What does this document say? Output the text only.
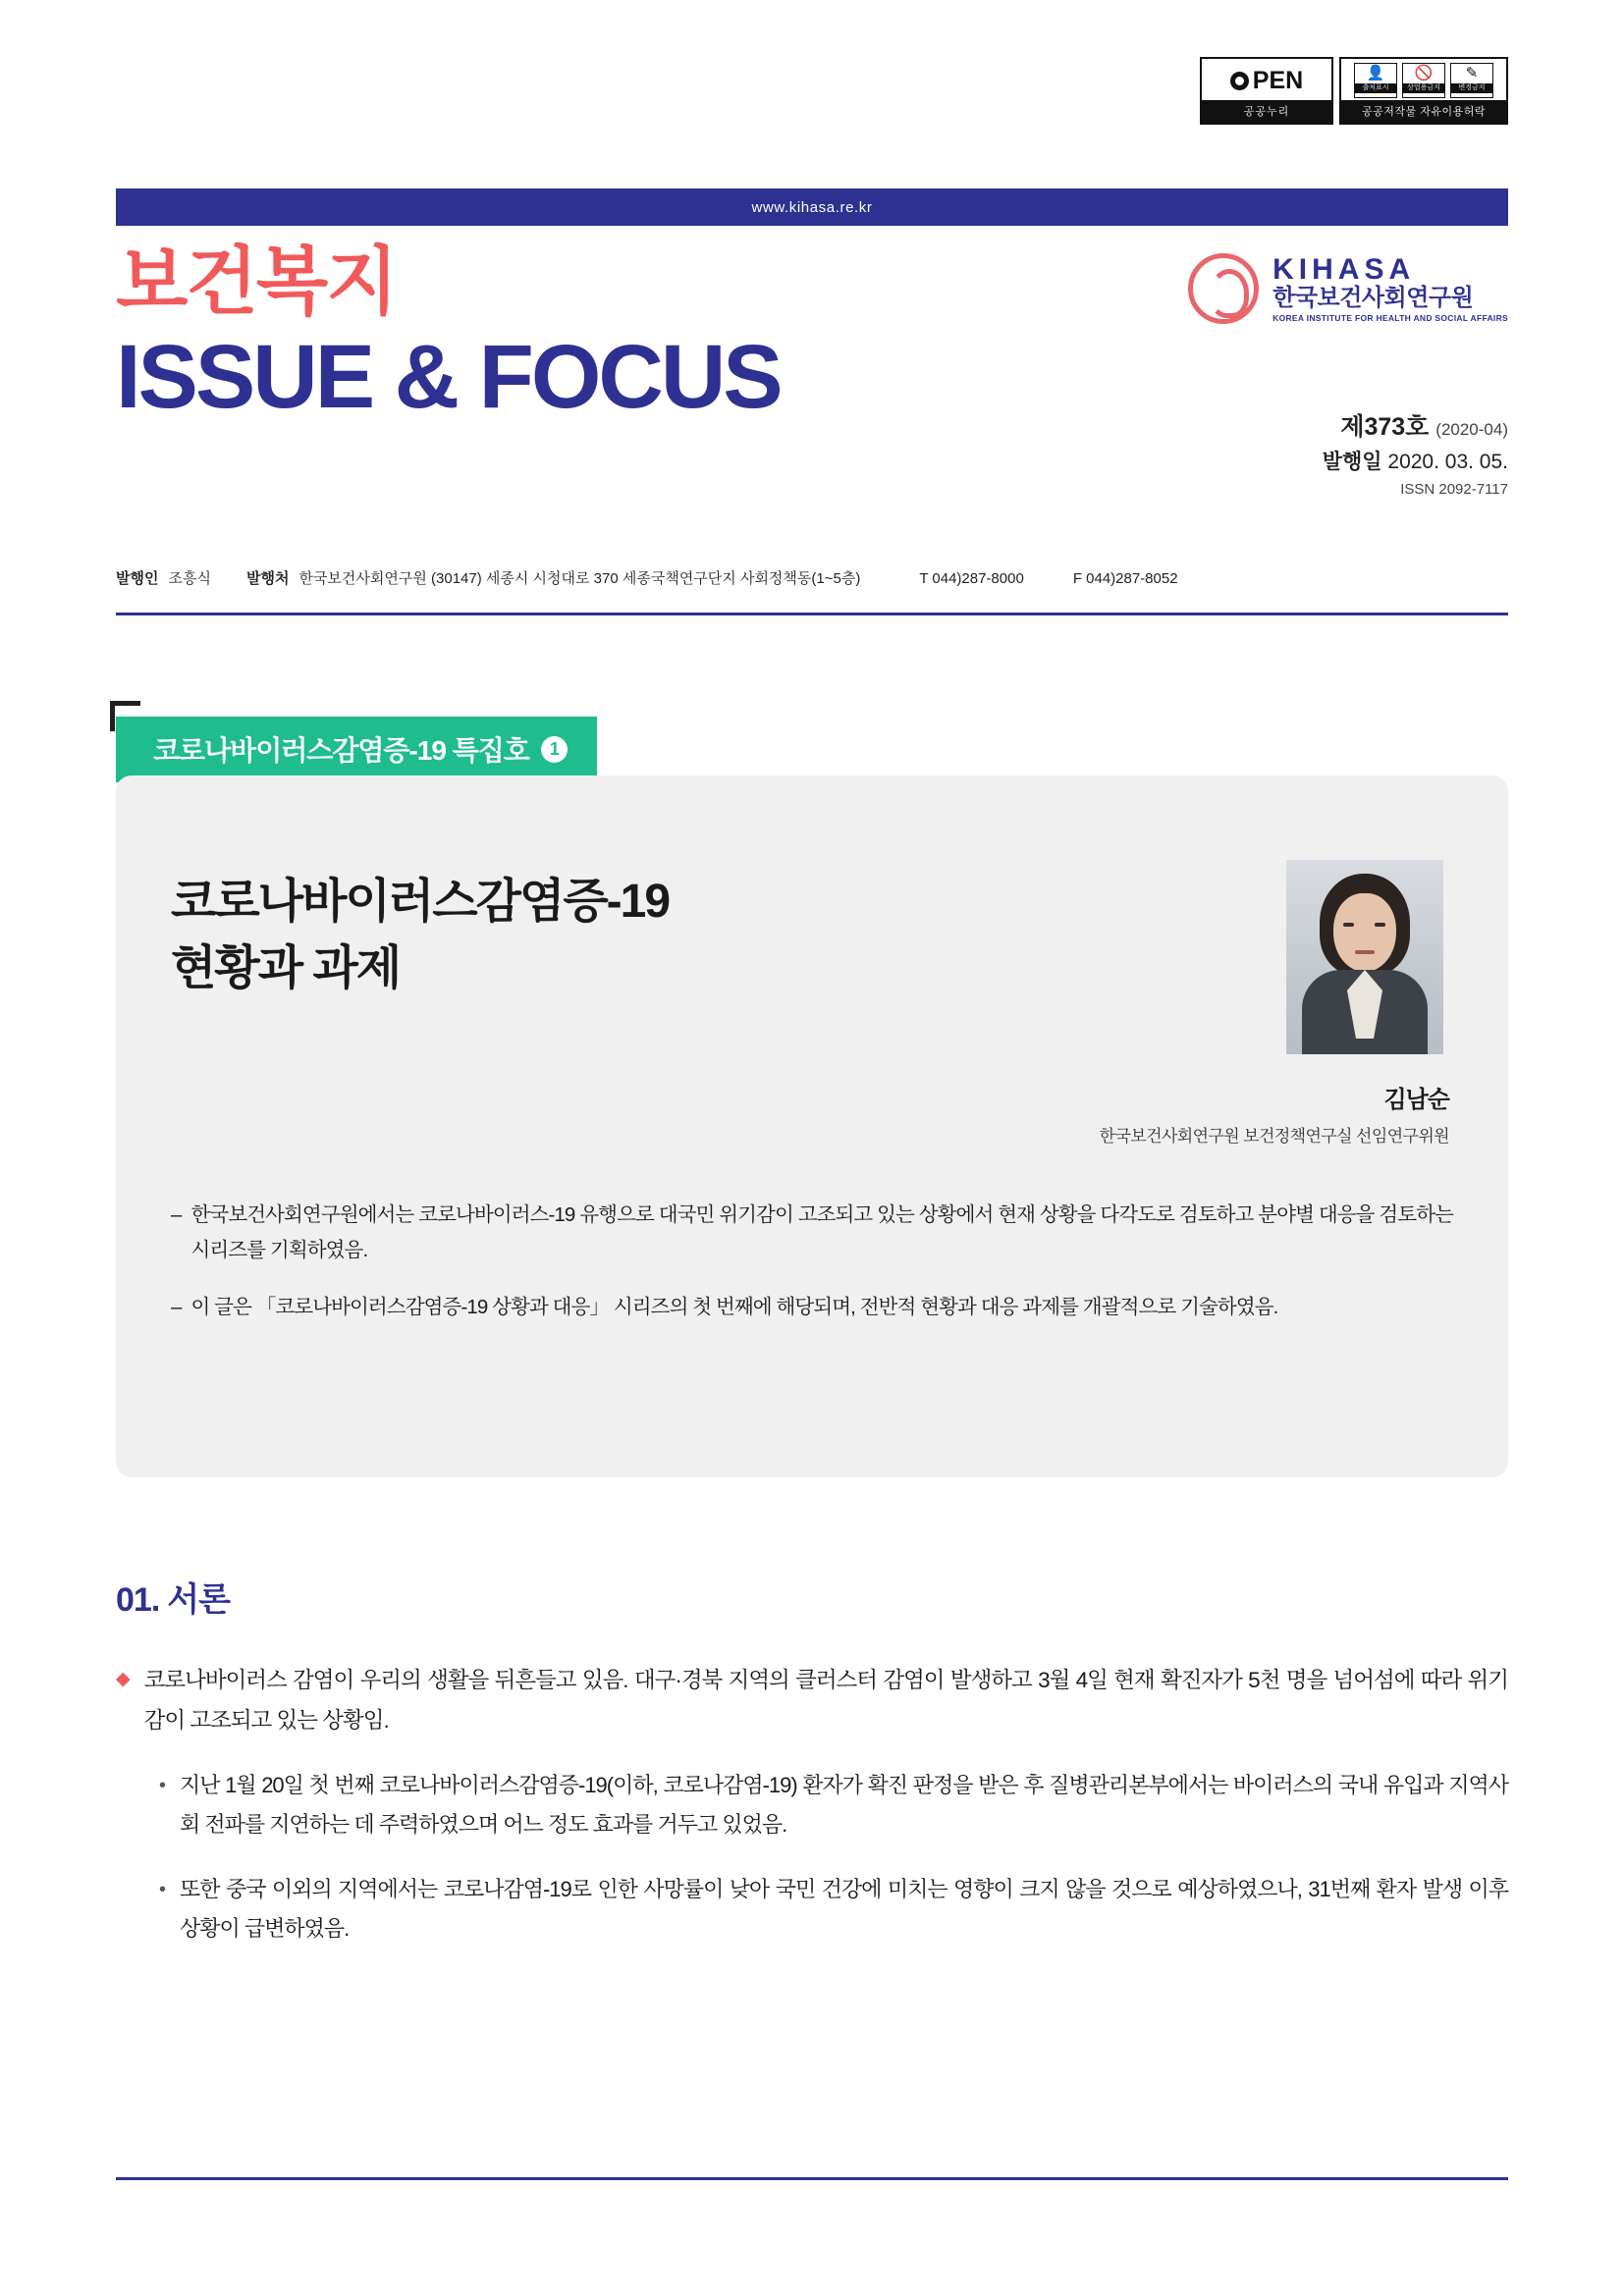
PEN
공공누리
👤
출처표시
🚫
상업용금지
✎
변경금지
공공저작물 자유이용허락
www.kihasa.re.kr
보건복지
ISSUE & FOCUS
KIHASA
한국보건사회연구원
KOREA INSTITUTE FOR HEALTH AND SOCIAL AFFAIRS
제373호 (2020-04)
발행일 2020. 03. 05.
ISSN 2092-7117
발행인 조흥식 발행처 한국보건사회연구원 (30147) 세종시 시청대로 370 세종국책연구단지 사회정책동(1~5층)	T 044)287-8000	F 044)287-8052
코로나바이러스감염증-19 특집호	1
코로나바이러스감염증-19
현황과 과제
김남순
한국보건사회연구원 보건정책연구실 선임연구위원
– 한국보건사회연구원에서는 코로나바이러스-19 유행으로 대국민 위기감이 고조되고 있는 상황에서 현재 상황을 다각도로 검토하고 분야별 대응을 검토하는 시리즈를 기획하였음.
– 이 글은 「코로나바이러스감염증-19 상황과 대응」 시리즈의 첫 번째에 해당되며, 전반적 현황과 대응 과제를 개괄적으로 기술하였음.
01. 서론
◆ 코로나바이러스 감염이 우리의 생활을 뒤흔들고 있음. 대구·경북 지역의 클러스터 감염이 발생하고 3월 4일 현재 확진자가 5천 명을 넘어섬에 따라 위기감이 고조되고 있는 상황임.
• 지난 1월 20일 첫 번째 코로나바이러스감염증-19(이하, 코로나감염-19) 환자가 확진 판정을 받은 후 질병관리본부에서는 바이러스의 국내 유입과 지역사회 전파를 지연하는 데 주력하였으며 어느 정도 효과를 거두고 있었음.
• 또한 중국 이외의 지역에서는 코로나감염-19로 인한 사망률이 낮아 국민 건강에 미치는 영향이 크지 않을 것으로 예상하였으나, 31번째 환자 발생 이후 상황이 급변하였음.
